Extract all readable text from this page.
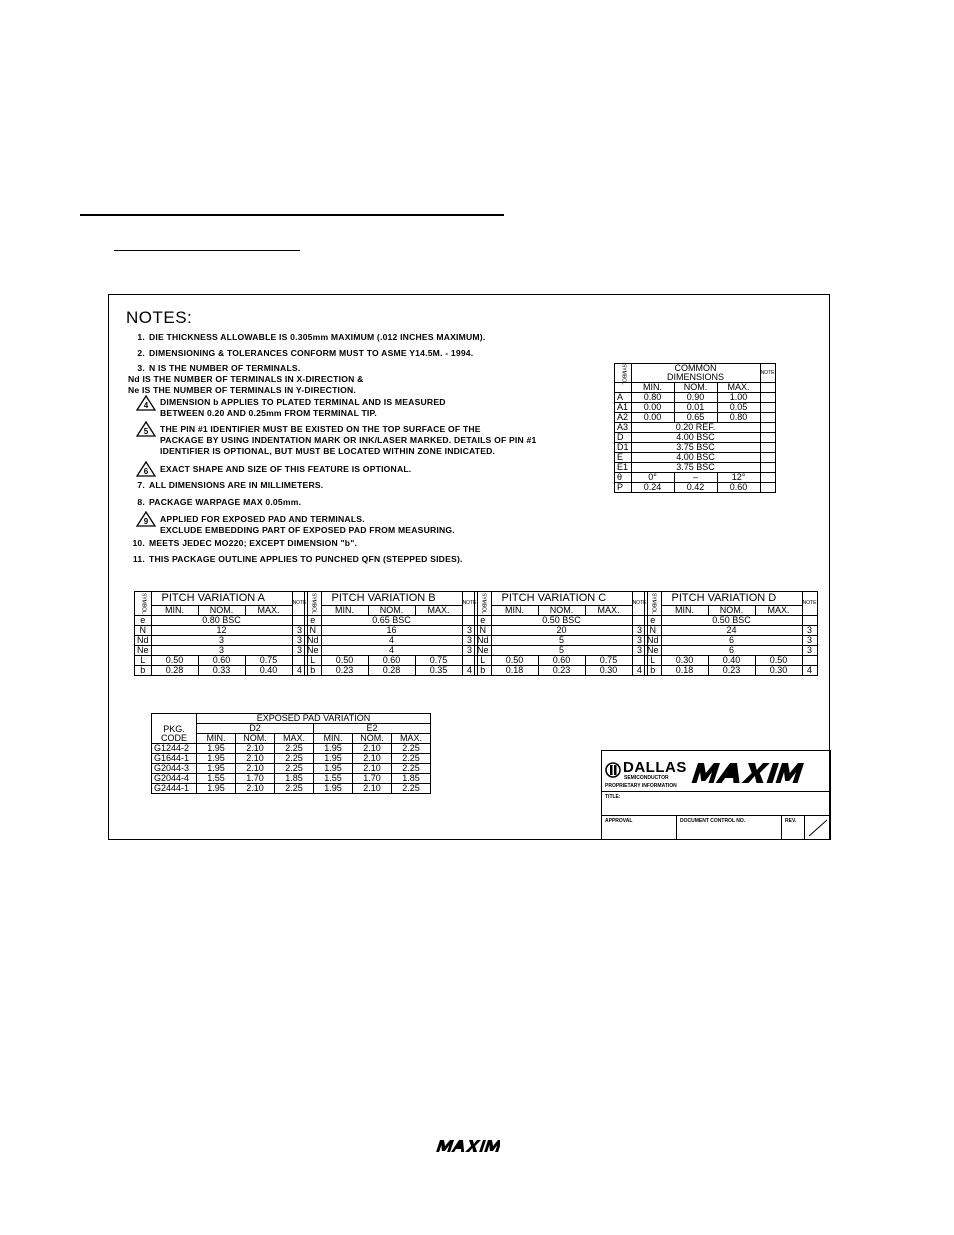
NOTES:
1. DIE THICKNESS ALLOWABLE IS 0.305mm MAXIMUM (.012 INCHES MAXIMUM).
2. DIMENSIONING & TOLERANCES CONFORM MUST TO ASME Y14.5M. - 1994.
3. N IS THE NUMBER OF TERMINALS.
Nd IS THE NUMBER OF TERMINALS IN X-DIRECTION &
Ne IS THE NUMBER OF TERMINALS IN Y-DIRECTION.
4 DIMENSION b APPLIES TO PLATED TERMINAL AND IS MEASURED
BETWEEN 0.20 AND 0.25mm FROM TERMINAL TIP.
5 THE PIN #1 IDENTIFIER MUST BE EXISTED ON THE TOP SURFACE OF THE
PACKAGE BY USING INDENTATION MARK OR INK/LASER MARKED. DETAILS OF PIN #1
IDENTIFIER IS OPTIONAL, BUT MUST BE LOCATED WITHIN ZONE INDICATED.
6 EXACT SHAPE AND SIZE OF THIS FEATURE IS OPTIONAL.
7. ALL DIMENSIONS ARE IN MILLIMETERS.
8. PACKAGE WARPAGE MAX 0.05mm.
9 APPLIED FOR EXPOSED PAD AND TERMINALS.
EXCLUDE EMBEDDING PART OF EXPOSED PAD FROM MEASURING.
10. MEETS JEDEC MO220; EXCEPT DIMENSION "b".
11. THIS PACKAGE OUTLINE APPLIES TO PUNCHED QFN (STEPPED SIDES).
SYMBOL	COMMON			NOTE
	DIMENSIONS			
	MIN.	NOM.	MAX.	
A	0.80	0.90	1.00	
A1	0.00	0.01	0.05	
A2	0.00	0.65	0.80	
A3	0.20 REF.			
D	4.00 BSC			
D1	3.75 BSC			
E	4.00 BSC			
E1	3.75 BSC			
θ	0°	–	12°	
P	0.24	0.42	0.60	
SYMBOL	PITCH VARIATION A			NOTE
	MIN.	NOM.	MAX.	
e	0.80 BSC			
N	12			3
Nd	3			3
Ne	3			3
L	0.50	0.60	0.75	
b	0.28	0.33	0.40	4
SYMBOL	PITCH VARIATION B			NOTE
	MIN.	NOM.	MAX.	
e	0.65 BSC			
N	16			3
Nd	4			3
Ne	4			3
L	0.50	0.60	0.75	
b	0.23	0.28	0.35	4
SYMBOL	PITCH VARIATION C			NOTE
	MIN.	NOM.	MAX.	
e	0.50 BSC			
N	20			3
Nd	5			3
Ne	5			3
L	0.50	0.60	0.75	
b	0.18	0.23	0.30	4
SYMBOL	PITCH VARIATION D			NOTE
	MIN.	NOM.	MAX.	
e	0.50 BSC			
N	24			3
Nd	6			3
Ne	6			3
L	0.30	0.40	0.50	
b	0.18	0.23	0.30	4
PKG.	EXPOSED PAD VARIATION					
	D2			E2		
CODE	MIN.	NOM.	MAX.	MIN.	NOM.	MAX.
G1244-2	1.95	2.10	2.25	1.95	2.10	2.25
G1644-1	1.95	2.10	2.25	1.95	2.10	2.25
G2044-3	1.95	2.10	2.25	1.95	2.10	2.25
G2044-4	1.55	1.70	1.85	1.55	1.70	1.85
G2444-1	1.95	2.10	2.25	1.95	2.10	2.25
DALLAS
SEMICONDUCTOR
PROPRIETARY INFORMATION
TITLE:
APPROVAL	DOCUMENT CONTROL NO.	REV.
